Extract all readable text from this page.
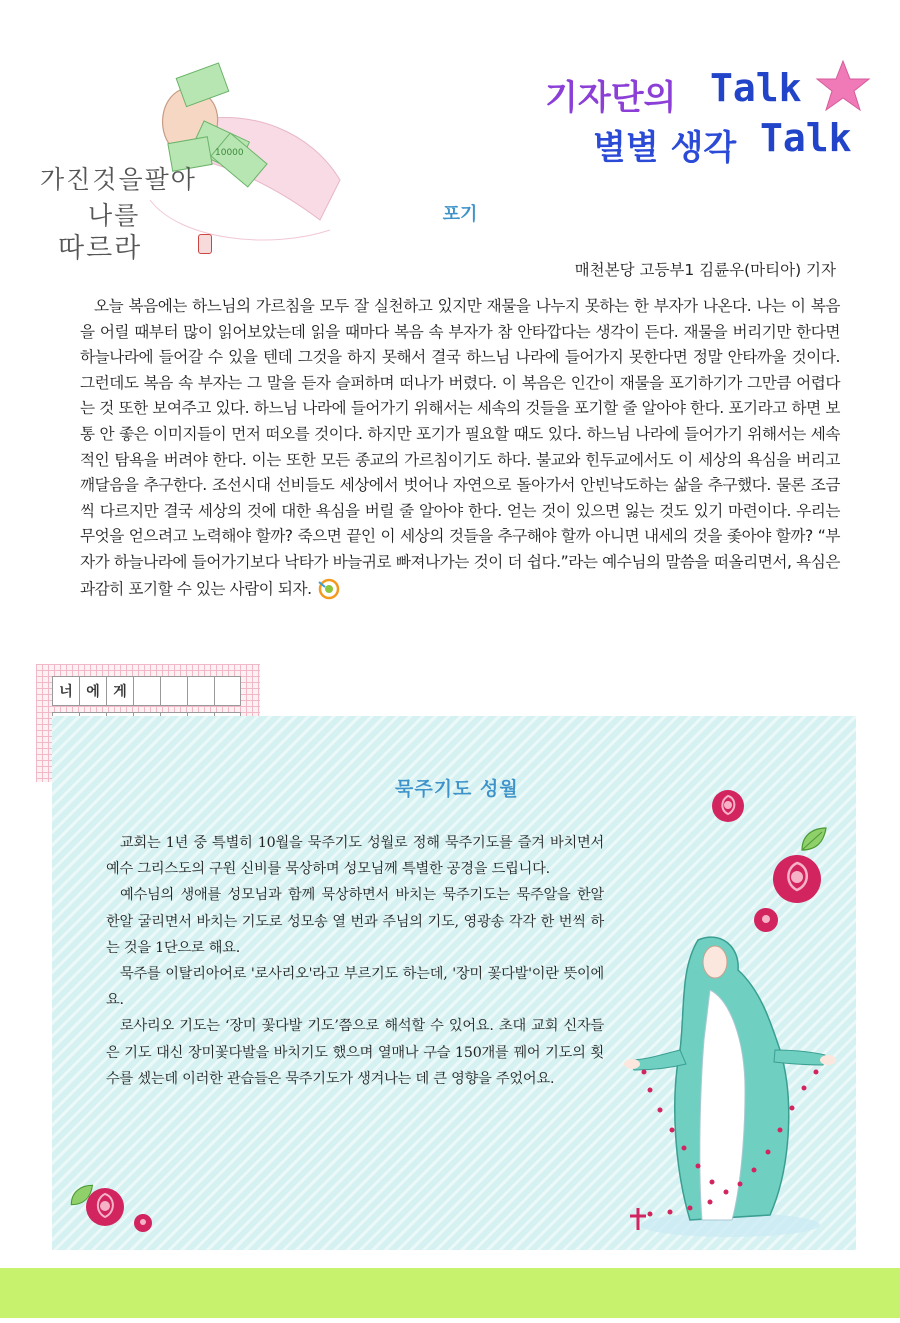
10000
가진것을팔아
나를
따르라
기자단의 Talk
별별 생각 Talk
포기
매천본당 고등부1 김륜우(마티아) 기자
오늘 복음에는 하느님의 가르침을 모두 잘 실천하고 있지만 재물을 나누지 못하는 한 부자가 나온다. 나는 이 복음을 어릴 때부터 많이 읽어보았는데 읽을 때마다 복음 속 부자가 참 안타깝다는 생각이 든다. 재물을 버리기만 한다면 하늘나라에 들어갈 수 있을 텐데 그것을 하지 못해서 결국 하느님 나라에 들어가지 못한다면 정말 안타까울 것이다. 그런데도 복음 속 부자는 그 말을 듣자 슬퍼하며 떠나가 버렸다. 이 복음은 인간이 재물을 포기하기가 그만큼 어렵다는 것 또한 보여주고 있다. 하느님 나라에 들어가기 위해서는 세속의 것들을 포기할 줄 알아야 한다. 포기라고 하면 보통 안 좋은 이미지들이 먼저 떠오를 것이다. 하지만 포기가 필요할 때도 있다. 하느님 나라에 들어가기 위해서는 세속적인 탐욕을 버려야 한다. 이는 또한 모든 종교의 가르침이기도 하다. 불교와 힌두교에서도 이 세상의 욕심을 버리고 깨달음을 추구한다. 조선시대 선비들도 세상에서 벗어나 자연으로 돌아가서 안빈낙도하는 삶을 추구했다. 물론 조금씩 다르지만 결국 세상의 것에 대한 욕심을 버릴 줄 알아야 한다. 얻는 것이 있으면 잃는 것도 있기 마련이다. 우리는 무엇을 얻으려고 노력해야 할까? 죽으면 끝인 이 세상의 것들을 추구해야 할까 아니면 내세의 것을 좇아야 할까? “부자가 하늘나라에 들어가기보다 낙타가 바늘귀로 빠져나가는 것이 더 쉽다.”라는 예수님의 말씀을 떠올리면서, 욕심은 과감히 포기할 수 있는 사람이 되자.
너 에 게
묵주기도 성월

교회는 1년 중 특별히 10월을 묵주기도 성월로 정해 묵주기도를 즐겨 바치면서 예수 그리스도의 구원 신비를 묵상하며 성모님께 특별한 공경을 드립니다.

예수님의 생애를 성모님과 함께 묵상하면서 바치는 묵주기도는 묵주알을 한알 한알 굴리면서 바치는 기도로 성모송 열 번과 주님의 기도, 영광송 각각 한 번씩 하는 것을 1단으로 해요.

묵주를 이탈리아어로 '로사리오'라고 부르기도 하는데, '장미 꽃다발'이란 뜻이에요.

로사리오 기도는 ‘장미 꽃다발 기도’쯤으로 해석할 수 있어요. 초대 교회 신자들은 기도 대신 장미꽃다발을 바치기도 했으며 열매나 구슬 150개를 꿰어 기도의 횟수를 셌는데 이러한 관습들은 묵주기도가 생겨나는 데 큰 영향을 주었어요.
